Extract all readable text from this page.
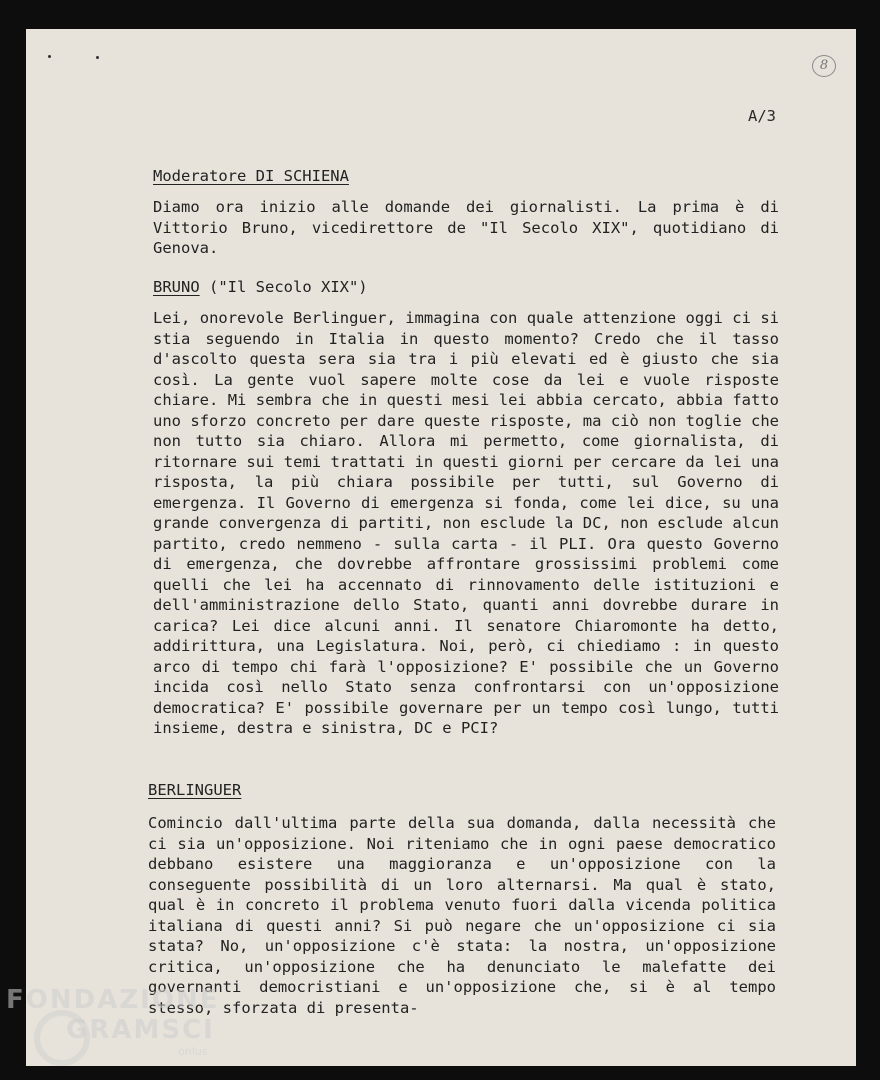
8
A/3
Moderatore DI SCHIENA

Diamo ora inizio alle domande dei giornalisti. La prima è di Vittorio Bruno, vicedirettore de "Il Secolo XIX", quotidiano di Genova.

BRUNO ("Il Secolo XIX")

Lei, onorevole Berlinguer, immagina con quale attenzione oggi ci si stia seguendo in Italia in questo momento? Credo che il tasso d'ascolto questa sera sia tra i più elevati ed è giusto che sia così. La gente vuol sapere molte cose da lei e vuole risposte chiare. Mi sembra che in questi mesi lei abbia cercato, abbia fatto uno sforzo concreto per dare queste risposte, ma ciò non toglie che non tutto sia chiaro. Allora mi permetto, come giornalista, di ritornare sui temi trattati in questi giorni per cercare da lei una risposta, la più chiara possibile per tutti, sul Governo di emergenza. Il Governo di emergenza si fonda, come lei dice, su una grande convergenza di partiti, non esclude la DC, non esclude alcun partito, credo nemmeno - sulla carta - il PLI. Ora questo Governo di emergenza, che dovrebbe affrontare grossissimi problemi come quelli che lei ha accennato di rinnovamento delle istituzioni e dell'amministrazione dello Stato, quanti anni dovrebbe durare in carica? Lei dice alcuni anni. Il senatore Chiaromonte ha detto, addirittura, una Legislatura. Noi, però, ci chiediamo : in questo arco di tempo chi farà l'opposizione? E' possibile che un Governo incida così nello Stato senza confrontarsi con un'opposizione democratica? E' possibile governare per un tempo così lungo, tutti insieme, destra e sinistra, DC e PCI?

BERLINGUER

Comincio dall'ultima parte della sua domanda, dalla necessità che ci sia un'opposizione. Noi riteniamo che in ogni paese democratico debbano esistere una maggioranza e un'opposizione con la conseguente possibilità di un loro alternarsi. Ma qual è stato, qual è in concreto il problema venuto fuori dalla vicenda politica italiana di questi anni? Si può negare che un'opposizione ci sia stata? No, un'opposizione c'è stata: la nostra, un'opposizione critica, un'opposizione che ha denunciato le malefatte dei governanti democristiani e un'opposizione che, si è al tempo stesso, sforzata di presenta-

FONDAZIONE
GRAMSCI
onlus
